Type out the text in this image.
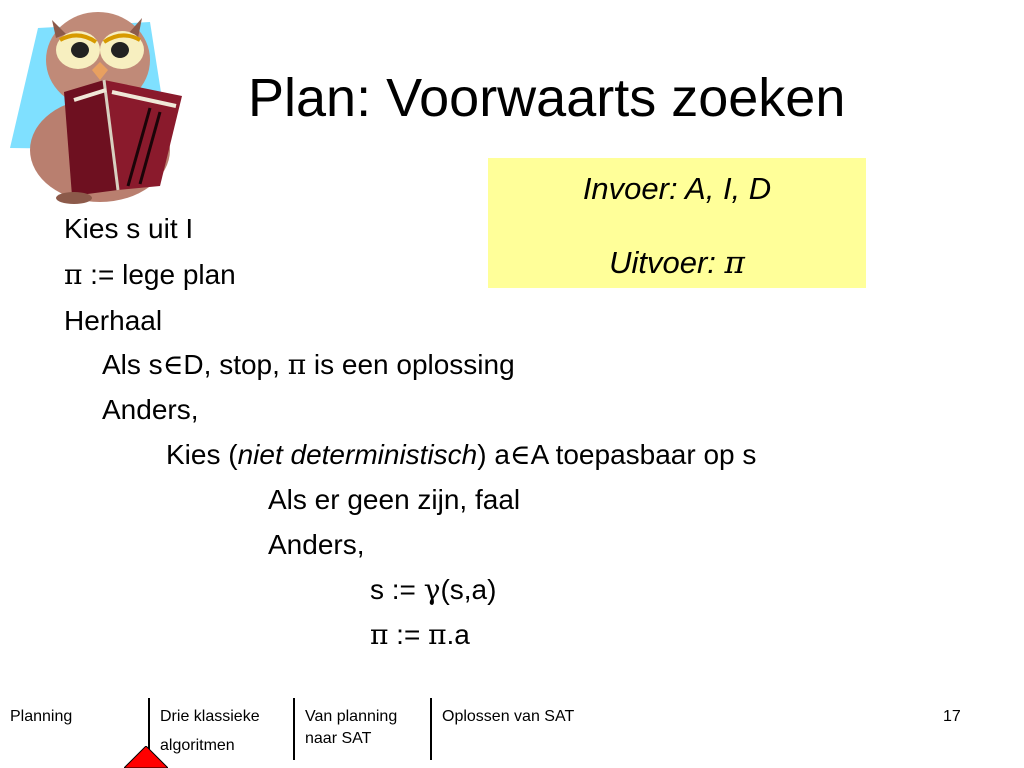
Plan: Voorwaarts zoeken
Invoer: A, I, D
Uitvoer: π
Kies s uit I
π := lege plan
Herhaal
Als s∈D, stop, π is een oplossing
Anders,
Kies (niet deterministisch) a∈A toepasbaar op s
Als er geen zijn, faal
Anders,
s := γ(s,a)
π := π.a
Planning	Drie klassieke
algoritmen
Van planning
naar SAT
Oplossen van SAT	17
